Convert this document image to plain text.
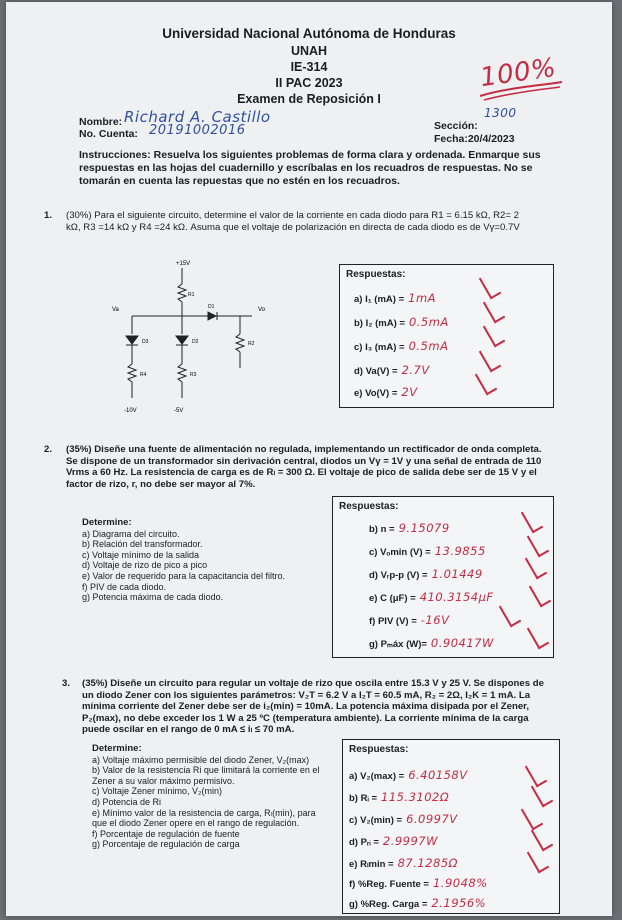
Universidad Nacional Autónoma de Honduras
UNAH
IE-314
II PAC 2023
Examen de Reposición I
100%
Nombre: Richard A. Castillo
No. Cuenta: 20191002016	Sección:
1300
Fecha:20/4/2023
Instrucciones: Resuelva los siguientes problemas de forma clara y ordenada. Enmarque sus respuestas en las hojas del cuadernillo y escríbalas en los recuadros de respuestas. No se tomarán en cuenta las repuestas que no estén en los recuadros.
1. (30%) Para el siguiente circuito, determine el valor de la corriente en cada diodo para R1 = 6.15 kΩ, R2= 2 kΩ, R3 =14 kΩ y R4 =24 kΩ. Asuma que el voltaje de polarización en directa de cada diodo es de Vγ=0.7V
+15V
R1
Va	D1	Vo
D3	D2	R2
R4	R3
-10V	-5V
Respuestas:
a) I₁ (mA) = 1mA
b) I₂ (mA) = 0.5mA
c) I₃ (mA) = 0.5mA
d) Va(V) = 2.7V
e) Vo(V) = 2V
2. (35%) Diseñe una fuente de alimentación no regulada, implementando un rectificador de onda completa. Se dispone de un transformador sin derivación central, diodos un Vγ = 1V y una señal de entrada de 110 Vrms a 60 Hz. La resistencia de carga es de Rₗ = 300 Ω. El voltaje de pico de salida debe ser de 15 V y el factor de rizo, r, no debe ser mayor al 7%.
Determine:
a) Diagrama del circuito.
b) Relación del transformador.
c) Voltaje mínimo de la salida
d) Voltaje de rizo de pico a pico
e) Valor de requerido para la capacitancia del filtro.
f) PIV de cada diodo.
g) Potencia máxima de cada diodo.
Respuestas:
b) n = 9.15079
c) Vₒmin (V) = 13.9855
d) Vᵣp-p (V) = 1.01449
e) C (μF) = 410.3154μF
f) PIV (V) = -16V
g) Pₘáx (W)= 0.90417W
3. (35%) Diseñe un circuito para regular un voltaje de rizo que oscila entre 15.3 V y 25 V. Se dispones de un diodo Zener con los siguientes parámetros: V₂T = 6.2 V a I₂T = 60.5 mA, R₂ = 2Ω, I₂K = 1 mA. La mínima corriente del Zener debe ser de i₂(min) = 10mA. La potencia máxima disipada por el Zener, P₂(max), no debe exceder los 1 W a 25 ºC (temperatura ambiente). La corriente mínima de la carga puede oscilar en el rango de 0 mA ≤ iₗ ≤ 70 mA.
Determine:
a) Voltaje máximo permisible del diodo Zener, V₂(max)
b) Valor de la resistencia Ri que limitará la corriente en el Zener a su valor máximo permisivo.
c) Voltaje Zener mínimo, V₂(min)
d) Potencia de Ri
e) Mínimo valor de la resistencia de carga, Rₗ(min), para que el diodo Zener opere en el rango de regulación.
f) Porcentaje de regulación de fuente
g) Porcentaje de regulación de carga
Respuestas:
a) V₂(max) = 6.40158V
b) Rᵢ = 115.3102Ω
c) V₂(min) = 6.0997V
d) Pᵣᵢ = 2.9997W
e) Rₗmin = 87.1285Ω
f) %Reg. Fuente = 1.9048%
g) %Reg. Carga = 2.1956%
